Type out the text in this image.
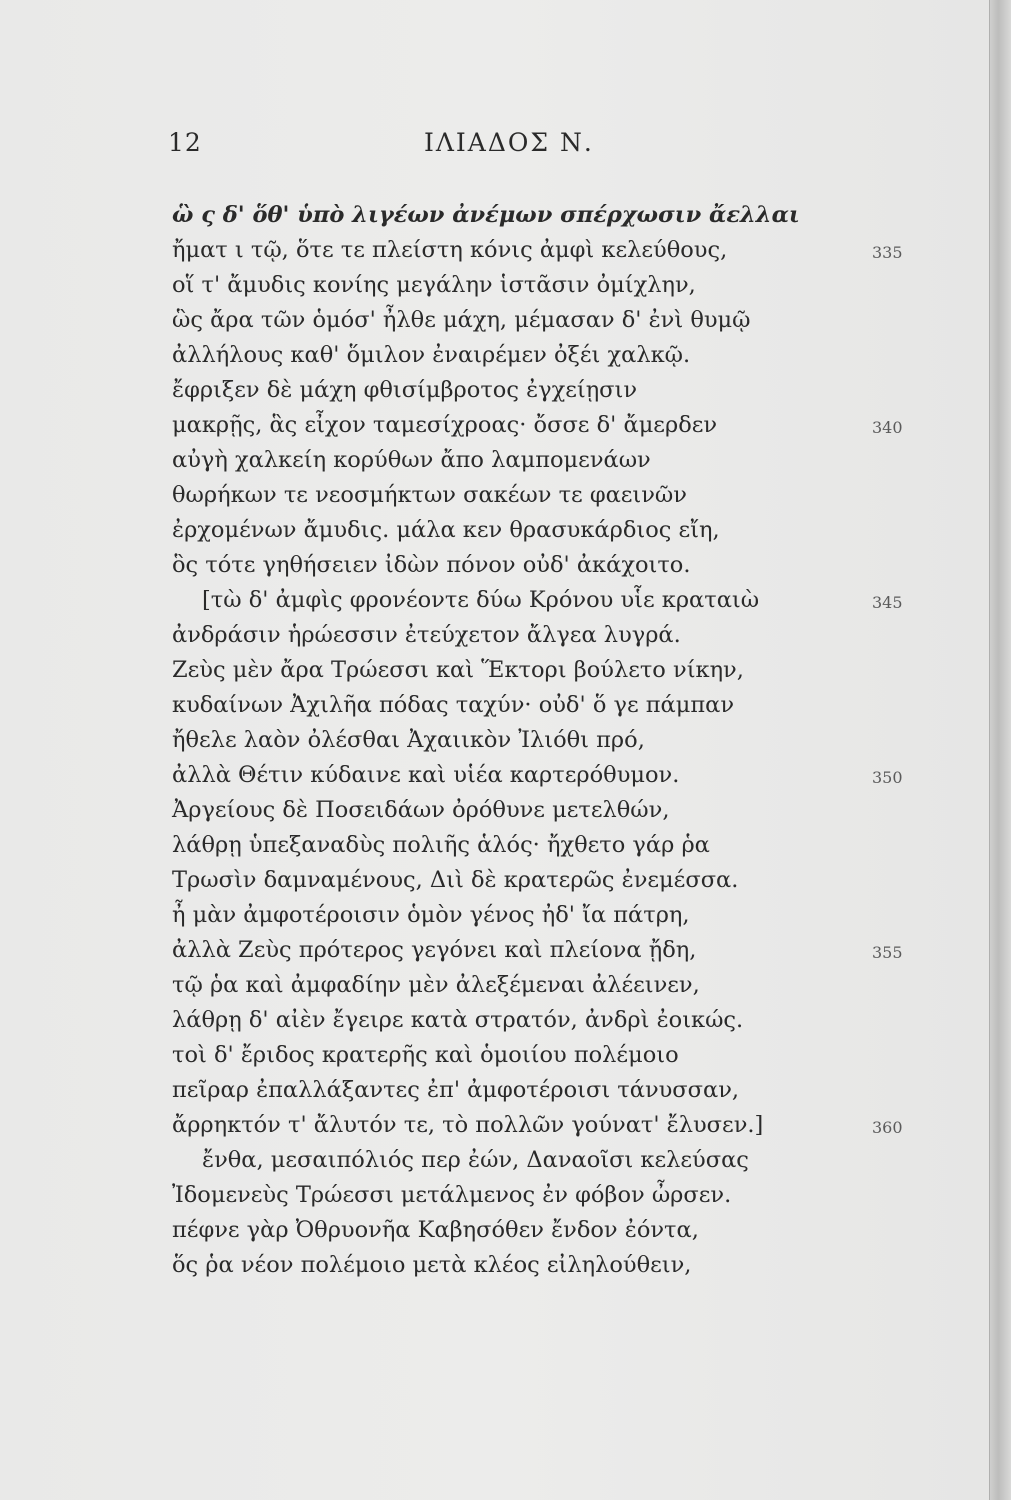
12	ΙΛΙΑΔΟΣ Ν.
ὣ ς δ' ὅθ' ὑπὸ λιγέων ἀνέμων σπέρχωσιν ἄελλαι
ἤματ ι τῷ, ὅτε τε πλείστη κόνις ἀμφὶ κελεύθους,	335
οἵ τ' ἄμυδις κονίης μεγάλην ἱστᾶσιν ὀμίχλην,
ὣς ἄρα τῶν ὁμόσ' ἦλθε μάχη, μέμασαν δ' ἐνὶ θυμῷ
ἀλλήλους καθ' ὅμιλον ἐναιρέμεν ὀξέι χαλκῷ.
ἔφριξεν δὲ μάχη φθισίμβροτος ἐγχείῃσιν
μακρῇς, ἃς εἶχον ταμεσίχροας· ὄσσε δ' ἄμερδεν	340
αὐγὴ χαλκείη κορύθων ἄπο λαμπομενάων
θωρήκων τε νεοσμήκτων σακέων τε φαεινῶν
ἐρχομένων ἄμυδις. μάλα κεν θρασυκάρδιος εἴη,
ὃς τότε γηθήσειεν ἰδὼν πόνον οὐδ' ἀκάχοιτο.
[τὼ δ' ἀμφὶς φρονέοντε δύω Κρόνου υἷε κραταιὼ	345
ἀνδράσιν ἡρώεσσιν ἐτεύχετον ἄλγεα λυγρά.
Ζεὺς μὲν ἄρα Τρώεσσι καὶ Ἕκτορι βούλετο νίκην,
κυδαίνων Ἀχιλῆα πόδας ταχύν· οὐδ' ὅ γε πάμπαν
ἤθελε λαὸν ὀλέσθαι Ἀχαιικὸν Ἰλιόθι πρό,
ἀλλὰ Θέτιν κύδαινε καὶ υἱέα καρτερόθυμον.	350
Ἀργείους δὲ Ποσειδάων ὀρόθυνε μετελθών,
λάθρῃ ὑπεξαναδὺς πολιῆς ἁλός· ἤχθετο γάρ ῥα
Τρωσὶν δαμναμένους, Διὶ δὲ κρατερῶς ἐνεμέσσα.
ἦ μὰν ἀμφοτέροισιν ὁμὸν γένος ἠδ' ἴα πάτρη,
ἀλλὰ Ζεὺς πρότερος γεγόνει καὶ πλείονα ᾔδη,	355
τῷ ῥα καὶ ἀμφαδίην μὲν ἀλεξέμεναι ἀλέεινεν,
λάθρῃ δ' αἰὲν ἔγειρε κατὰ στρατόν, ἀνδρὶ ἐοικώς.
τοὶ δ' ἔριδος κρατερῆς καὶ ὁμοιίου πολέμοιο
πεῖραρ ἐπαλλάξαντες ἐπ' ἀμφοτέροισι τάνυσσαν,
ἄρρηκτόν τ' ἄλυτόν τε, τὸ πολλῶν γούνατ' ἔλυσεν.]	360
ἔνθα, μεσαιπόλιός περ ἐών, Δαναοῖσι κελεύσας
Ἰδομενεὺς Τρώεσσι μετάλμενος ἐν φόβον ὦρσεν.
πέφνε γὰρ Ὀθρυονῆα Καβησόθεν ἔνδον ἐόντα,
ὅς ῥα νέον πολέμοιο μετὰ κλέος εἰληλούθειν,
